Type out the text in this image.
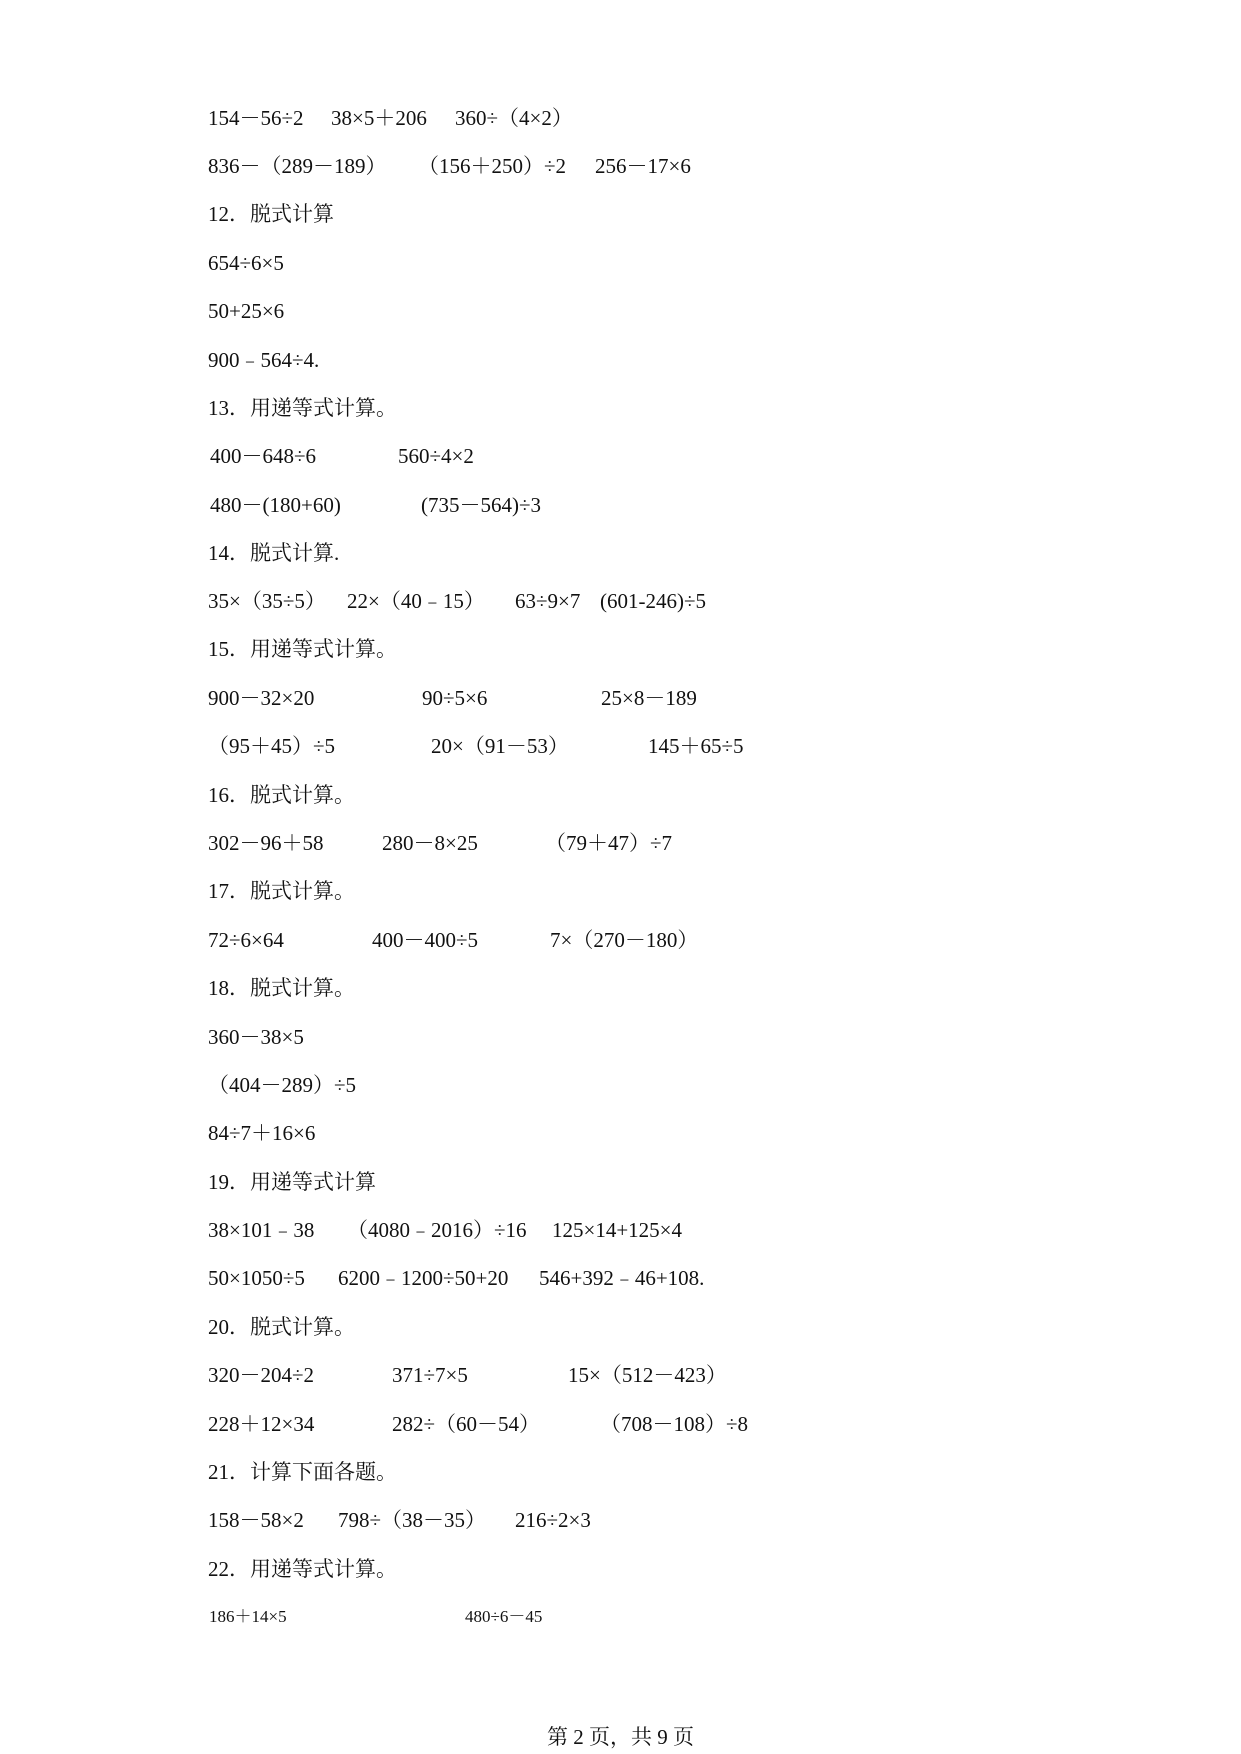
154－56÷2 38×5＋206 360÷（4×2）
836－（289－189） （156＋250）÷2 256－17×6
12．脱式计算
654÷6×5
50+25×6
900﹣564÷4.
13．用递等式计算。
400－648÷6	560÷4×2
480－(180+60)	(735－564)÷3
14．脱式计算.
35×（35÷5） 22×（40﹣15） 63÷9×7 (601-246)÷5
15．用递等式计算。
900－32×20	90÷5×6	25×8－189
（95＋45）÷5	20×（91－53）	145＋65÷5
16．脱式计算。
302－96＋58	280－8×25	（79＋47）÷7
17．脱式计算。
72÷6×64	400－400÷5	7×（270－180）
18．脱式计算。
360－38×5
（404－289）÷5
84÷7＋16×6
19．用递等式计算
38×101﹣38 （4080﹣2016）÷16 125×14+125×4
50×1050÷5 6200﹣1200÷50+20 546+392﹣46+108.
20．脱式计算。
320－204÷2	371÷7×5	15×（512－423）
228＋12×34	282÷（60－54）	（708－108）÷8
21．计算下面各题。
158－58×2 798÷（38－35） 216÷2×3
22．用递等式计算。
186＋14×5	480÷6－45
第 2 页，共 9 页
